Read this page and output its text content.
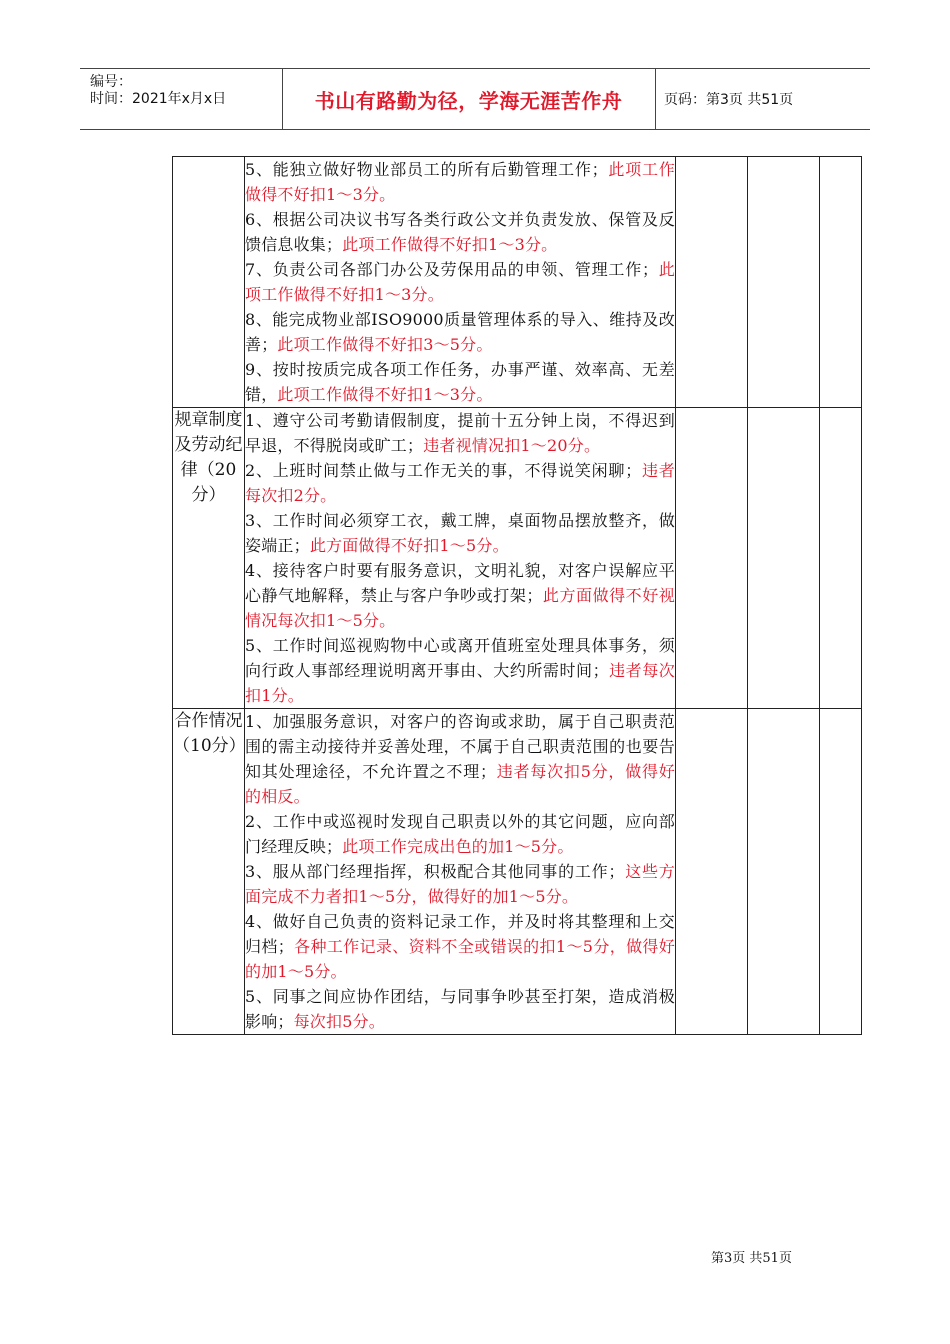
编号：
时间：2021年x月x日	书山有路勤为径，学海无涯苦作舟	页码：第3页 共51页

	5、能独立做好物业部员工的所有后勤管理工作；此项工作做得不好扣1～3分。
6、根据公司决议书写各类行政公文并负责发放、保管及反馈信息收集；此项工作做得不好扣1～3分。
7、负责公司各部门办公及劳保用品的申领、管理工作；此项工作做得不好扣1～3分。
8、能完成物业部ISO9000质量管理体系的导入、维持及改善；此项工作做得不好扣3～5分。
9、按时按质完成各项工作任务，办事严谨、效率高、无差错，此项工作做得不好扣1～3分。			

规章制度及劳动纪律（20分）	1、遵守公司考勤请假制度，提前十五分钟上岗，不得迟到早退，不得脱岗或旷工；违者视情况扣1～20分。
2、上班时间禁止做与工作无关的事，不得说笑闲聊；违者每次扣2分。
3、工作时间必须穿工衣，戴工牌，桌面物品摆放整齐，做姿端正；此方面做得不好扣1～5分。
4、接待客户时要有服务意识，文明礼貌，对客户误解应平心静气地解释，禁止与客户争吵或打架；此方面做得不好视情况每次扣1～5分。
5、工作时间巡视购物中心或离开值班室处理具体事务，须向行政人事部经理说明离开事由、大约所需时间；违者每次扣1分。			

合作情况（10分）	1、加强服务意识，对客户的咨询或求助，属于自己职责范围的需主动接待并妥善处理，不属于自己职责范围的也要告知其处理途径，不允许置之不理；违者每次扣5分，做得好的相反。
2、工作中或巡视时发现自己职责以外的其它问题，应向部门经理反映；此项工作完成出色的加1～5分。
3、服从部门经理指挥，积极配合其他同事的工作；这些方面完成不力者扣1～5分，做得好的加1～5分。
4、做好自己负责的资料记录工作，并及时将其整理和上交归档；各种工作记录、资料不全或错误的扣1～5分，做得好的加1～5分。
5、同事之间应协作团结，与同事争吵甚至打架，造成消极影响；每次扣5分。			

第3页 共51页
